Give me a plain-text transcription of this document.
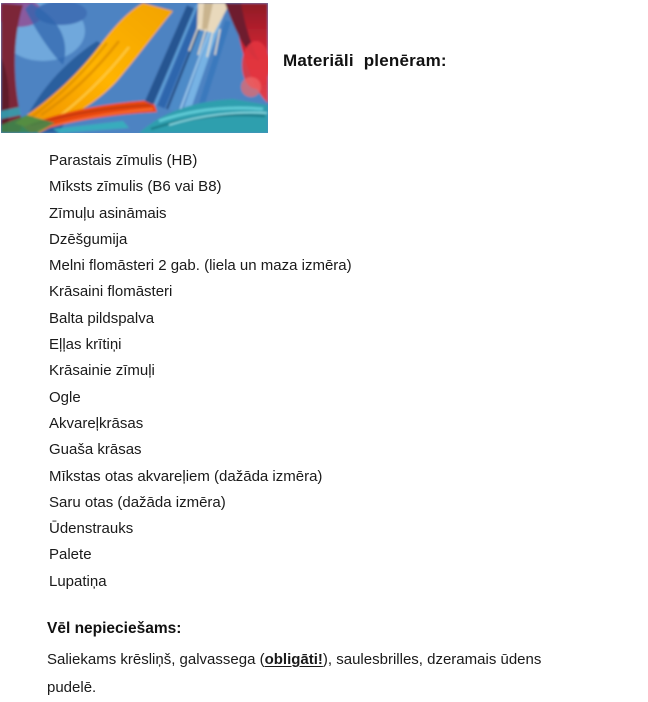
Materiāli plenēram:
Parastais zīmulis (HB)
Mīksts zīmulis (B6 vai B8)
Zīmuļu asināmais
Dzēšgumija
Melni flomāsteri 2 gab. (liela un maza izmēra)
Krāsaini flomāsteri
Balta pildspalva
Eļļas krītiņi
Krāsainie zīmuļi
Ogle
Akvareļkrāsas
Guaša krāsas
Mīkstas otas akvareļiem (dažāda izmēra)
Saru otas (dažāda izmēra)
Ūdenstrauks
Palete
Lupatiņa
Vēl nepieciešams:
Saliekams krēsliņš, galvassega (obligāti!), saulesbrilles, dzeramais ūdens
pudelē.
